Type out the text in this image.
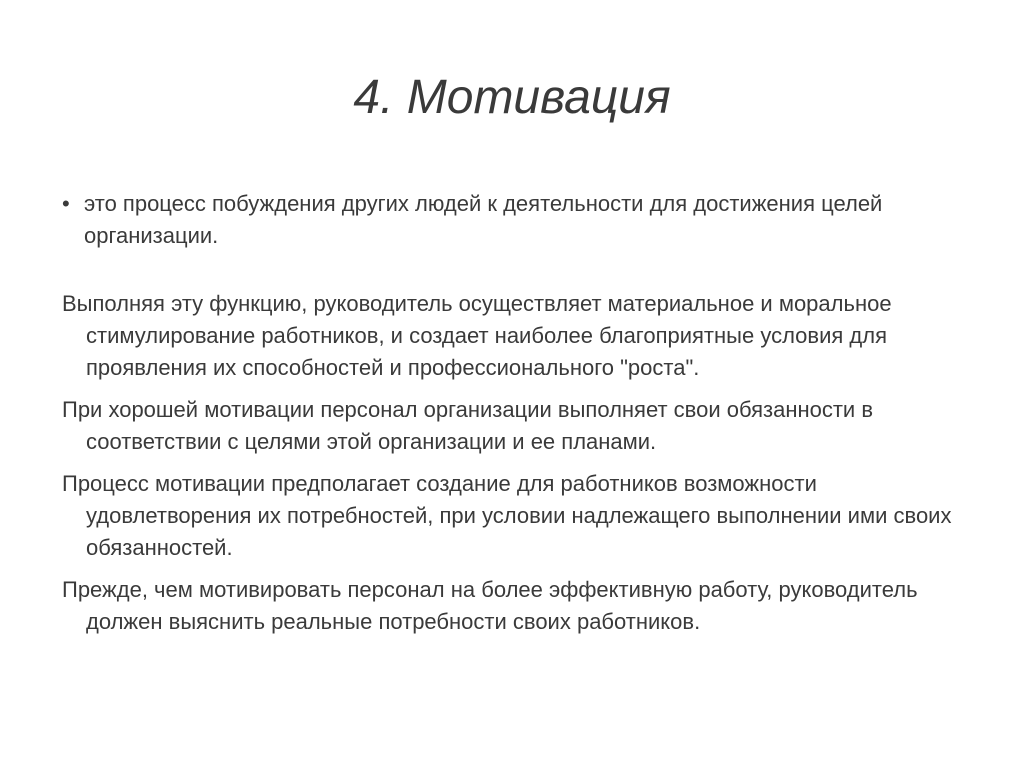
4. Мотивация
• это процесс побуждения других людей к деятельности для достижения целей организации.
Выполняя эту функцию, руководитель осуществляет материальное и моральное стимулирование работников, и создает наиболее благоприятные условия для проявления их способностей и профессионального "роста".
При хорошей мотивации персонал организации выполняет свои обязанности в соответствии с целями этой организации и ее планами.
Процесс мотивации предполагает создание для работников возможности удовлетворения их потребностей, при условии надлежащего выполнении ими своих обязанностей.
Прежде, чем мотивировать персонал на более эффективную работу, руководитель должен выяснить реальные потребности своих работников.
